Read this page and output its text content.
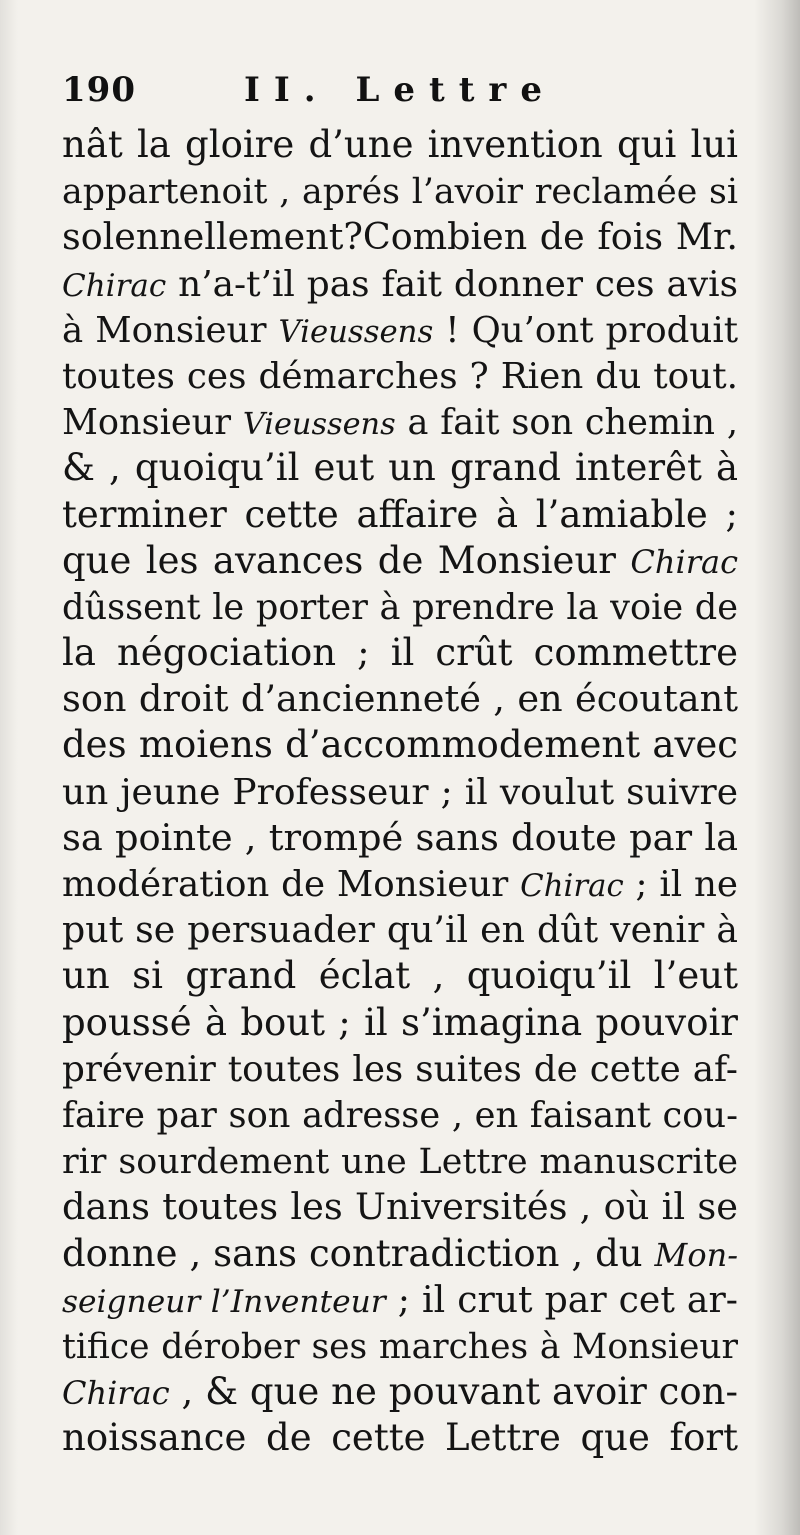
190	II. Lettre
nât la gloire d’une invention qui lui
appartenoit , aprés l’avoir reclamée si
solennellement?Combien de fois Mr.
Chirac n’a-t’il pas fait donner ces avis
à Monsieur Vieussens ! Qu’ont produit
toutes ces démarches ? Rien du tout.
Monsieur Vieussens a fait son chemin ,
& , quoiqu’il eut un grand interêt à
terminer cette affaire à l’amiable ;
que les avances de Monsieur Chirac
dûssent le porter à prendre la voie de
la négociation ; il crût commettre
son droit d’ancienneté , en écoutant
des moiens d’accommodement avec
un jeune Professeur ; il voulut suivre
sa pointe , trompé sans doute par la
modération de Monsieur Chirac ; il ne
put se persuader qu’il en dût venir à
un si grand éclat , quoiqu’il l’eut
poussé à bout ; il s’imagina pouvoir
prévenir toutes les suites de cette af-
faire par son adresse , en faisant cou-
rir sourdement une Lettre manuscrite
dans toutes les Universités , où il se
donne , sans contradiction , du Mon-
seigneur l’Inventeur ; il crut par cet ar-
tifice dérober ses marches à Monsieur
Chirac , & que ne pouvant avoir con-
noissance de cette Lettre que fort
